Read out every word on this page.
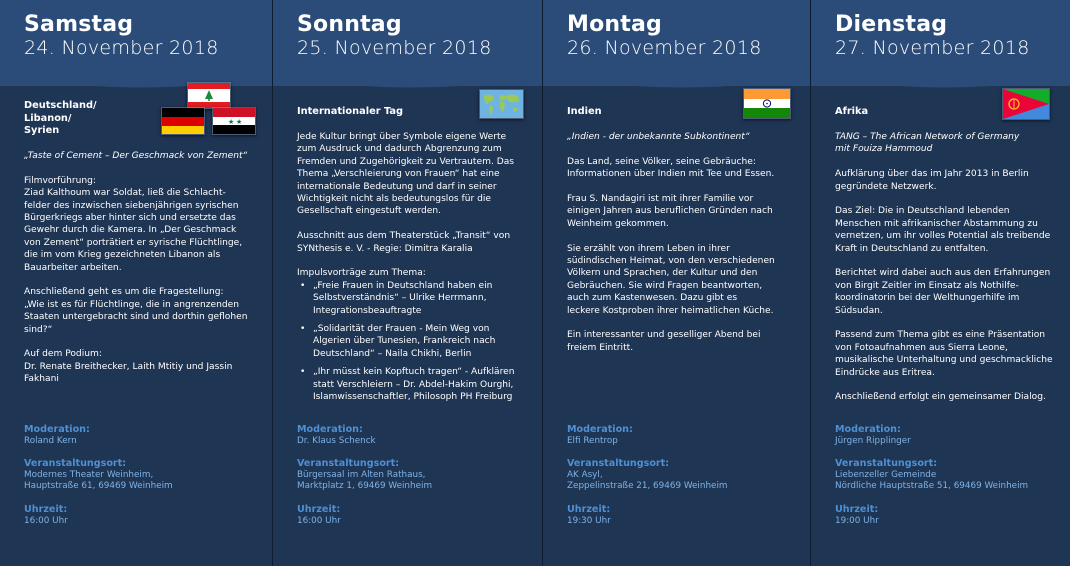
Samstag
24. November 2018
★ ★
Deutschland/
Libanon/
Syrien
„Taste of Cement – Der Geschmack von Zement“
Filmvorführung:
Ziad Kalthoum war Soldat, ließ die Schlacht-
felder des inzwischen siebenjährigen syrischen
Bürgerkriegs aber hinter sich und ersetzte das
Gewehr durch die Kamera. In „Der Geschmack
von Zement“ porträtiert er syrische Flüchtlinge,
die im vom Krieg gezeichneten Libanon als
Bauarbeiter arbeiten.
Anschließend geht es um die Fragestellung:
„Wie ist es für Flüchtlinge, die in angrenzenden
Staaten untergebracht sind und dorthin geflohen
sind?“
Auf dem Podium:
Dr. Renate Breithecker, Laith Mtitiy und Jassin
Fakhani
Moderation:
Roland Kern
Veranstaltungsort:
Modernes Theater Weinheim,
Hauptstraße 61, 69469 Weinheim
Uhrzeit:
16:00 Uhr
Sonntag
25. November 2018
Internationaler Tag
Jede Kultur bringt über Symbole eigene Werte
zum Ausdruck und dadurch Abgrenzung zum
Fremden und Zugehörigkeit zu Vertrautem. Das
Thema „Verschleierung von Frauen“ hat eine
internationale Bedeutung und darf in seiner
Wichtigkeit nicht als bedeutungslos für die
Gesellschaft eingestuft werden.
Ausschnitt aus dem Theaterstück „Transit“ von
SYNthesis e. V. - Regie: Dimitra Karalia
Impulsvorträge zum Thema:
• „Freie Frauen in Deutschland haben ein
Selbstverständnis“ – Ulrike Herrmann,
Integrationsbeauftragte
• „Solidarität der Frauen - Mein Weg von
Algerien über Tunesien, Frankreich nach
Deutschland“ – Naila Chikhi, Berlin
• „Ihr müsst kein Kopftuch tragen“ - Aufklären
statt Verschleiern – Dr. Abdel-Hakim Ourghi,
Islamwissenschaftler, Philosoph PH Freiburg
Moderation:
Dr. Klaus Schenck
Veranstaltungsort:
Bürgersaal im Alten Rathaus,
Marktplatz 1, 69469 Weinheim
Uhrzeit:
16:00 Uhr
Montag
26. November 2018
Indien
„Indien - der unbekannte Subkontinent“
Das Land, seine Völker, seine Gebräuche:
Informationen über Indien mit Tee und Essen.
Frau S. Nandagiri ist mit ihrer Familie vor
einigen Jahren aus beruflichen Gründen nach
Weinheim gekommen.
Sie erzählt von ihrem Leben in ihrer
südindischen Heimat, von den verschiedenen
Völkern und Sprachen, der Kultur und den
Gebräuchen. Sie wird Fragen beantworten,
auch zum Kastenwesen. Dazu gibt es
leckere Kostproben ihrer heimatlichen Küche.
Ein interessanter und geselliger Abend bei
freiem Eintritt.
Moderation:
Elfi Rentrop
Veranstaltungsort:
AK Asyl,
Zeppelinstraße 21, 69469 Weinheim
Uhrzeit:
19:30 Uhr
Dienstag
27. November 2018
Afrika
TANG – The African Network of Germany
mit Fouiza Hammoud
Aufklärung über das im Jahr 2013 in Berlin
gegründete Netzwerk.
Das Ziel: Die in Deutschland lebenden
Menschen mit afrikanischer Abstammung zu
vernetzen, um ihr volles Potential als treibende
Kraft in Deutschland zu entfalten.
Berichtet wird dabei auch aus den Erfahrungen
von Birgit Zeitler im Einsatz als Nothilfe-
koordinatorin bei der Welthungerhilfe im
Südsudan.
Passend zum Thema gibt es eine Präsentation
von Fotoaufnahmen aus Sierra Leone,
musikalische Unterhaltung und geschmackliche
Eindrücke aus Eritrea.
Anschließend erfolgt ein gemeinsamer Dialog.
Moderation:
Jürgen Ripplinger
Veranstaltungsort:
Liebenzeller Gemeinde
Nördliche Hauptstraße 51, 69469 Weinheim
Uhrzeit:
19:00 Uhr
